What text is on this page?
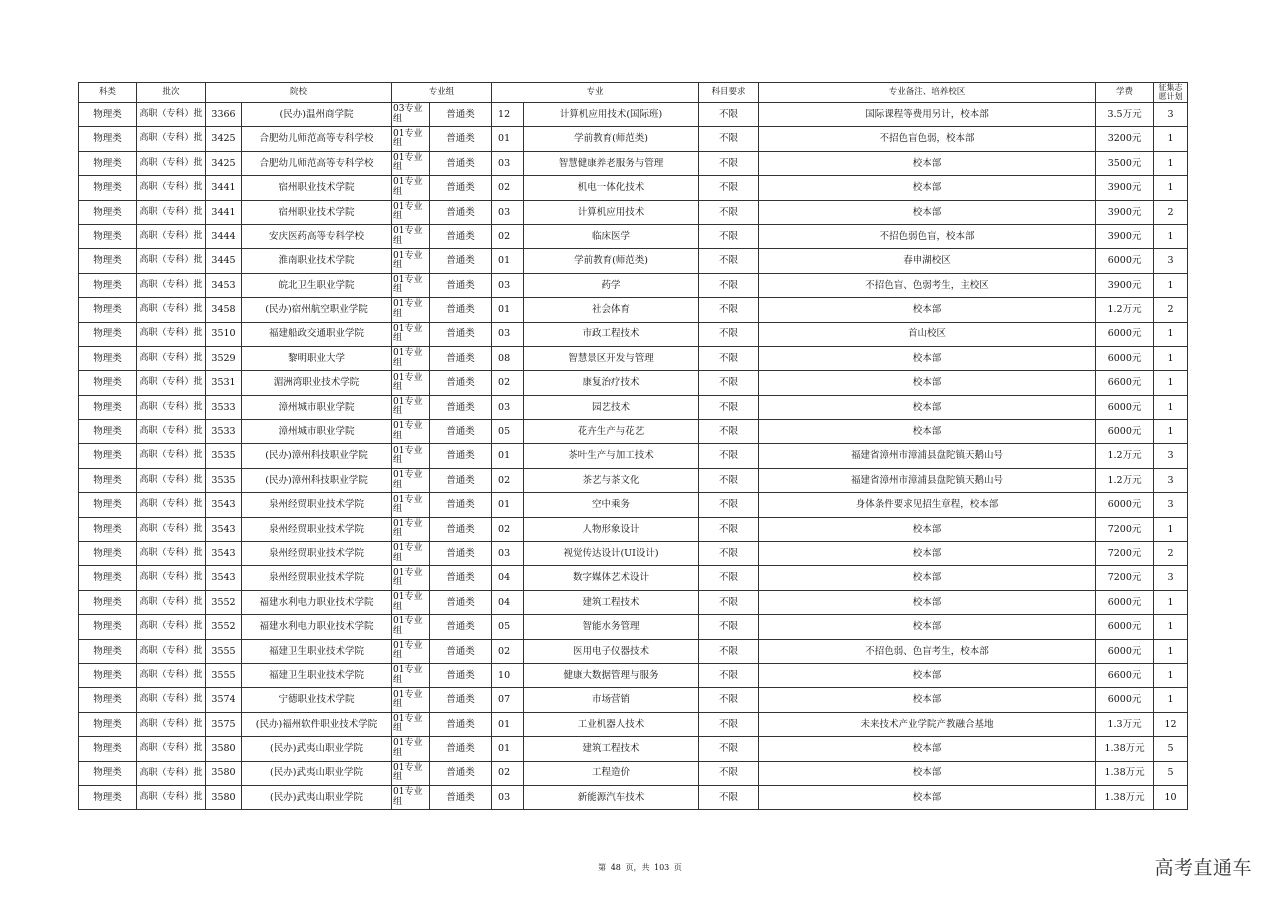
科类	批次	院校		专业组		专业		科目要求	专业备注、培养校区	学费	征集志愿计划
物理类	高职（专科）批	3366	(民办)温州商学院	03专业组	普通类	12	计算机应用技术(国际班)	不限	国际课程等费用另计，校本部	3.5万元	3
物理类	高职（专科）批	3425	合肥幼儿师范高等专科学校	01专业组	普通类	01	学前教育(师范类)	不限	不招色盲色弱，校本部	3200元	1
物理类	高职（专科）批	3425	合肥幼儿师范高等专科学校	01专业组	普通类	03	智慧健康养老服务与管理	不限	校本部	3500元	1
物理类	高职（专科）批	3441	宿州职业技术学院	01专业组	普通类	02	机电一体化技术	不限	校本部	3900元	1
物理类	高职（专科）批	3441	宿州职业技术学院	01专业组	普通类	03	计算机应用技术	不限	校本部	3900元	2
物理类	高职（专科）批	3444	安庆医药高等专科学校	01专业组	普通类	02	临床医学	不限	不招色弱色盲，校本部	3900元	1
物理类	高职（专科）批	3445	淮南职业技术学院	01专业组	普通类	01	学前教育(师范类)	不限	春申湖校区	6000元	3
物理类	高职（专科）批	3453	皖北卫生职业学院	01专业组	普通类	03	药学	不限	不招色盲、色弱考生，主校区	3900元	1
物理类	高职（专科）批	3458	(民办)宿州航空职业学院	01专业组	普通类	01	社会体育	不限	校本部	1.2万元	2
物理类	高职（专科）批	3510	福建船政交通职业学院	01专业组	普通类	03	市政工程技术	不限	首山校区	6000元	1
物理类	高职（专科）批	3529	黎明职业大学	01专业组	普通类	08	智慧景区开发与管理	不限	校本部	6000元	1
物理类	高职（专科）批	3531	湄洲湾职业技术学院	01专业组	普通类	02	康复治疗技术	不限	校本部	6600元	1
物理类	高职（专科）批	3533	漳州城市职业学院	01专业组	普通类	03	园艺技术	不限	校本部	6000元	1
物理类	高职（专科）批	3533	漳州城市职业学院	01专业组	普通类	05	花卉生产与花艺	不限	校本部	6000元	1
物理类	高职（专科）批	3535	(民办)漳州科技职业学院	01专业组	普通类	01	茶叶生产与加工技术	不限	福建省漳州市漳浦县盘陀镇天鹅山号	1.2万元	3
物理类	高职（专科）批	3535	(民办)漳州科技职业学院	01专业组	普通类	02	茶艺与茶文化	不限	福建省漳州市漳浦县盘陀镇天鹅山号	1.2万元	3
物理类	高职（专科）批	3543	泉州经贸职业技术学院	01专业组	普通类	01	空中乘务	不限	身体条件要求见招生章程，校本部	6000元	3
物理类	高职（专科）批	3543	泉州经贸职业技术学院	01专业组	普通类	02	人物形象设计	不限	校本部	7200元	1
物理类	高职（专科）批	3543	泉州经贸职业技术学院	01专业组	普通类	03	视觉传达设计(UI设计)	不限	校本部	7200元	2
物理类	高职（专科）批	3543	泉州经贸职业技术学院	01专业组	普通类	04	数字媒体艺术设计	不限	校本部	7200元	3
物理类	高职（专科）批	3552	福建水利电力职业技术学院	01专业组	普通类	04	建筑工程技术	不限	校本部	6000元	1
物理类	高职（专科）批	3552	福建水利电力职业技术学院	01专业组	普通类	05	智能水务管理	不限	校本部	6000元	1
物理类	高职（专科）批	3555	福建卫生职业技术学院	01专业组	普通类	02	医用电子仪器技术	不限	不招色弱、色盲考生，校本部	6000元	1
物理类	高职（专科）批	3555	福建卫生职业技术学院	01专业组	普通类	10	健康大数据管理与服务	不限	校本部	6600元	1
物理类	高职（专科）批	3574	宁德职业技术学院	01专业组	普通类	07	市场营销	不限	校本部	6000元	1
物理类	高职（专科）批	3575	(民办)福州软件职业技术学院	01专业组	普通类	01	工业机器人技术	不限	未来技术产业学院产教融合基地	1.3万元	12
物理类	高职（专科）批	3580	(民办)武夷山职业学院	01专业组	普通类	01	建筑工程技术	不限	校本部	1.38万元	5
物理类	高职（专科）批	3580	(民办)武夷山职业学院	01专业组	普通类	02	工程造价	不限	校本部	1.38万元	5
物理类	高职（专科）批	3580	(民办)武夷山职业学院	01专业组	普通类	03	新能源汽车技术	不限	校本部	1.38万元	10
第 48 页，共 103 页	高考直通车
